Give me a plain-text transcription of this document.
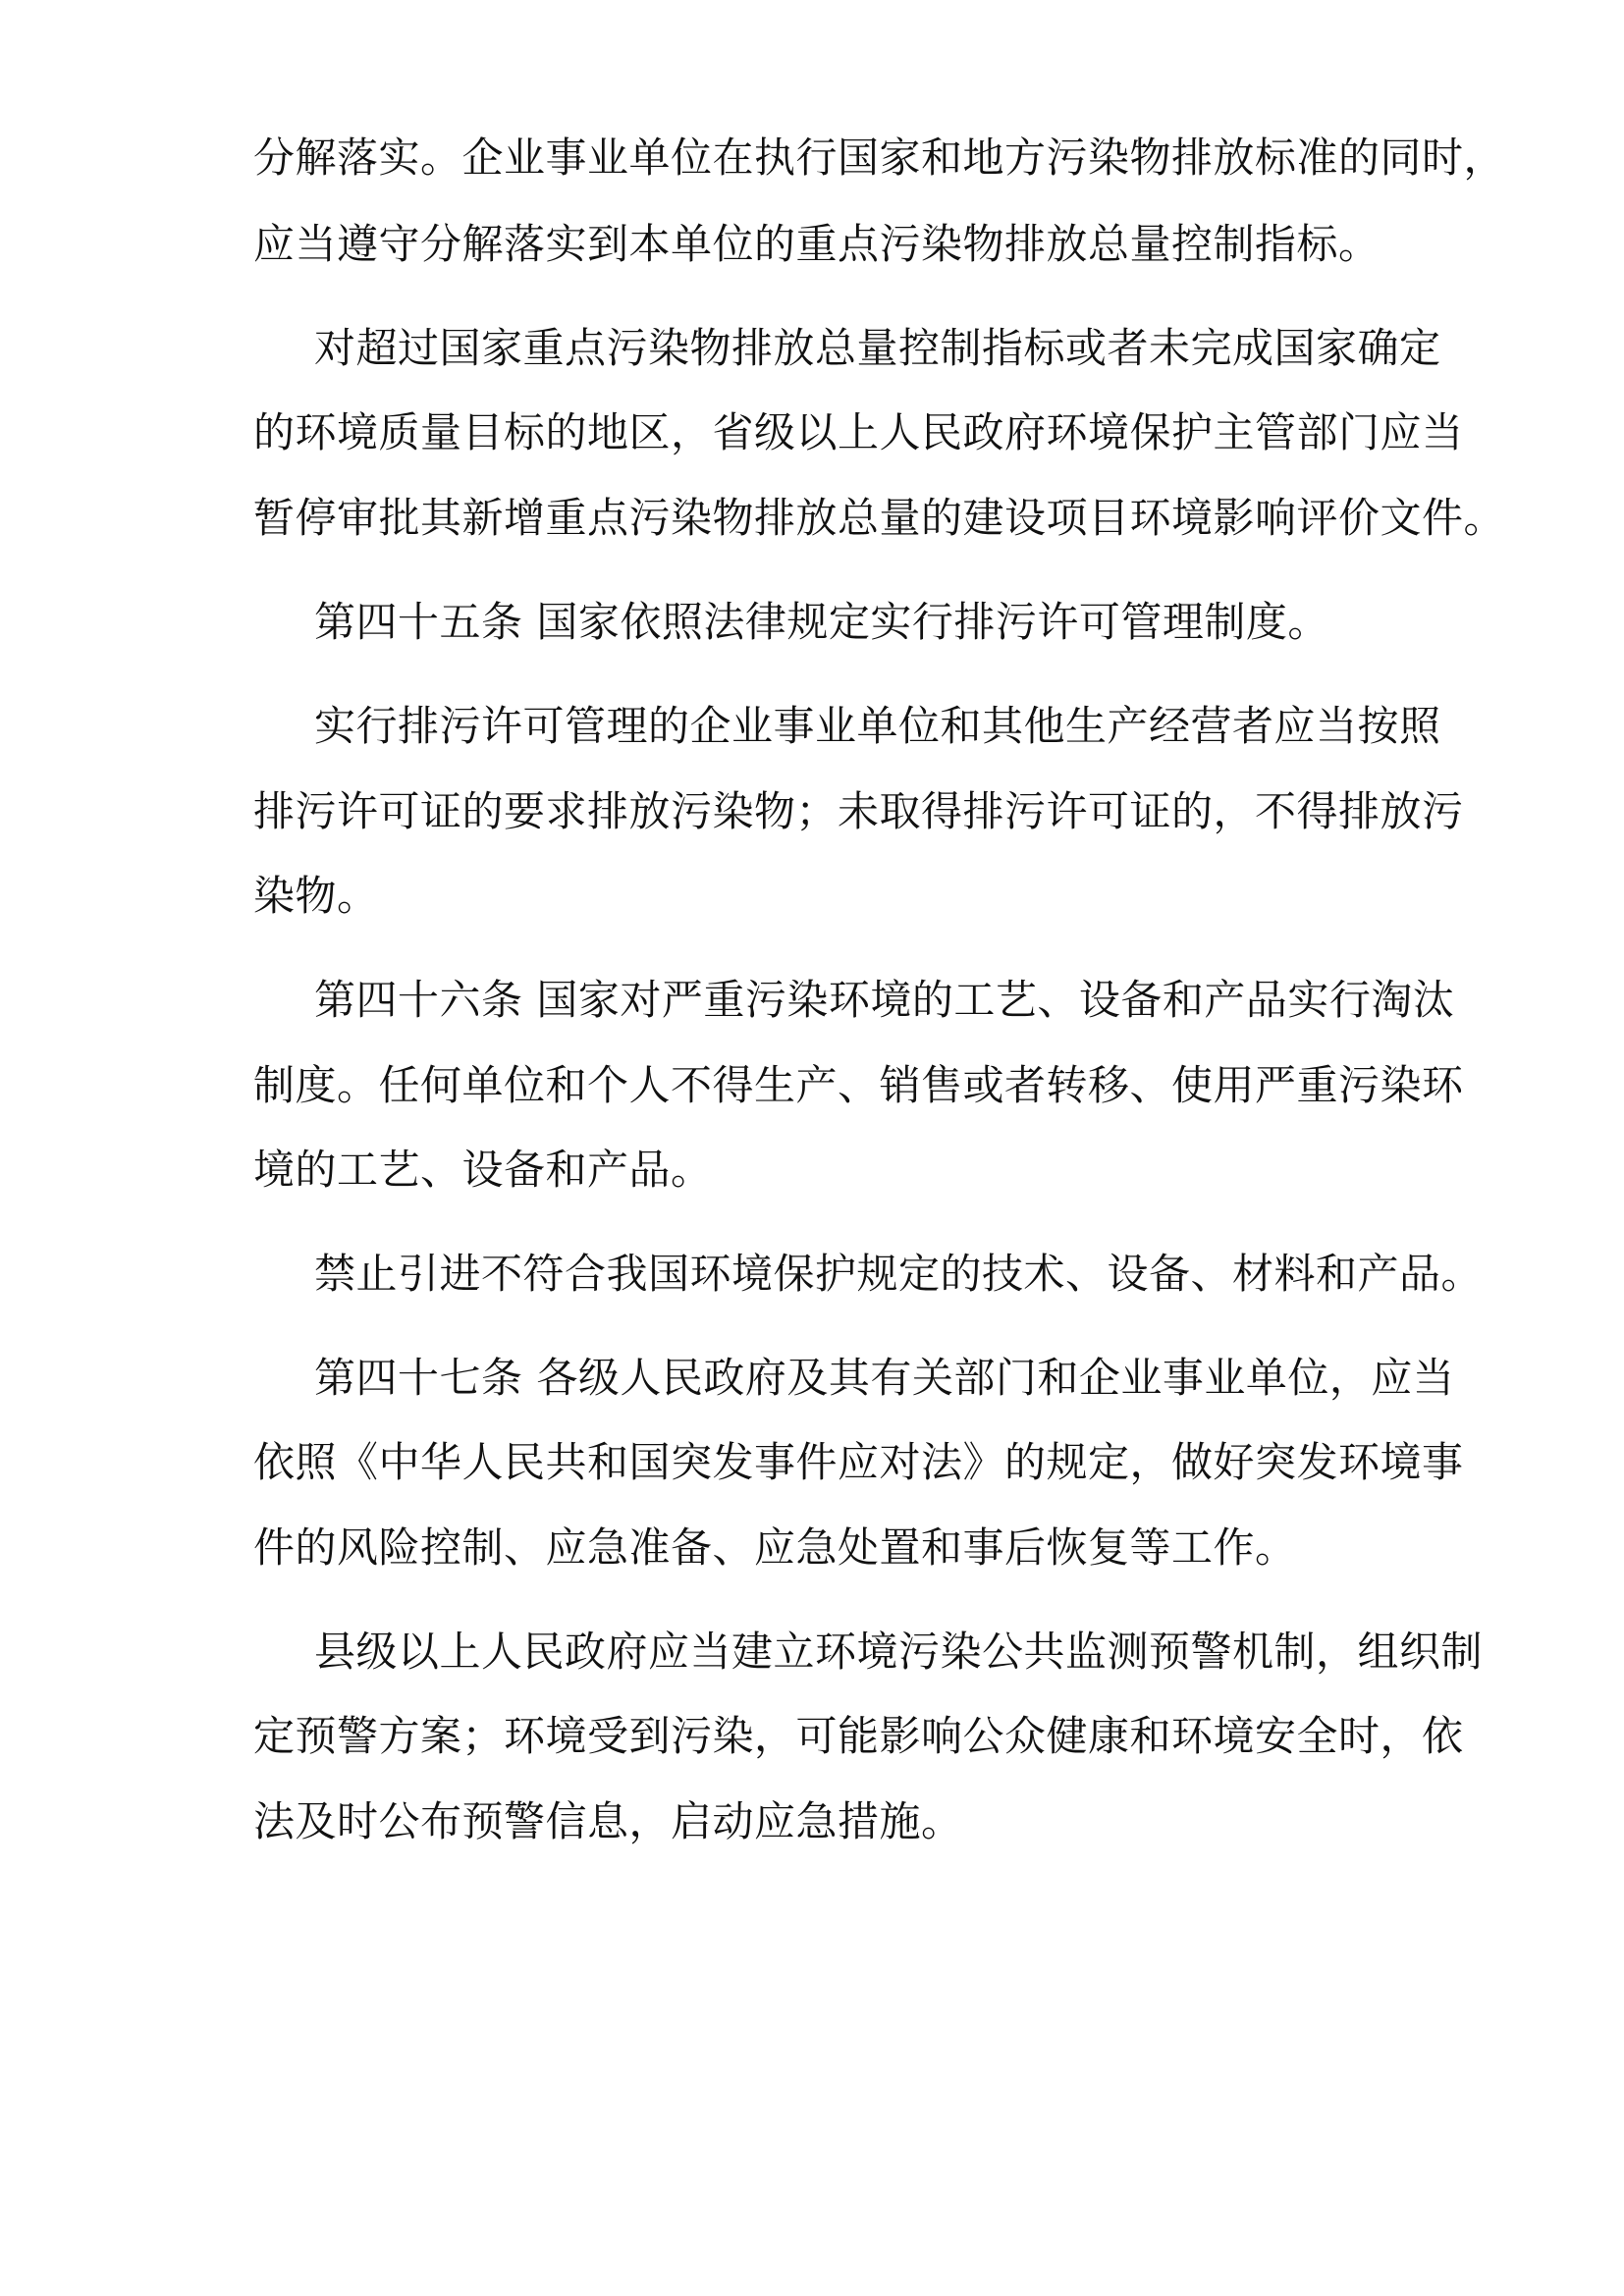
分解落实。企业事业单位在执行国家和地方污染物排放标准的同时，
应当遵守分解落实到本单位的重点污染物排放总量控制指标。
对超过国家重点污染物排放总量控制指标或者未完成国家确定
的环境质量目标的地区，省级以上人民政府环境保护主管部门应当
暂停审批其新增重点污染物排放总量的建设项目环境影响评价文件。
第四十五条 国家依照法律规定实行排污许可管理制度。
实行排污许可管理的企业事业单位和其他生产经营者应当按照
排污许可证的要求排放污染物；未取得排污许可证的，不得排放污
染物。
第四十六条 国家对严重污染环境的工艺、设备和产品实行淘汰
制度。任何单位和个人不得生产、销售或者转移、使用严重污染环
境的工艺、设备和产品。
禁止引进不符合我国环境保护规定的技术、设备、材料和产品。
第四十七条 各级人民政府及其有关部门和企业事业单位，应当
依照《中华人民共和国突发事件应对法》的规定，做好突发环境事
件的风险控制、应急准备、应急处置和事后恢复等工作。
县级以上人民政府应当建立环境污染公共监测预警机制，组织制
定预警方案；环境受到污染，可能影响公众健康和环境安全时，依
法及时公布预警信息，启动应急措施。
